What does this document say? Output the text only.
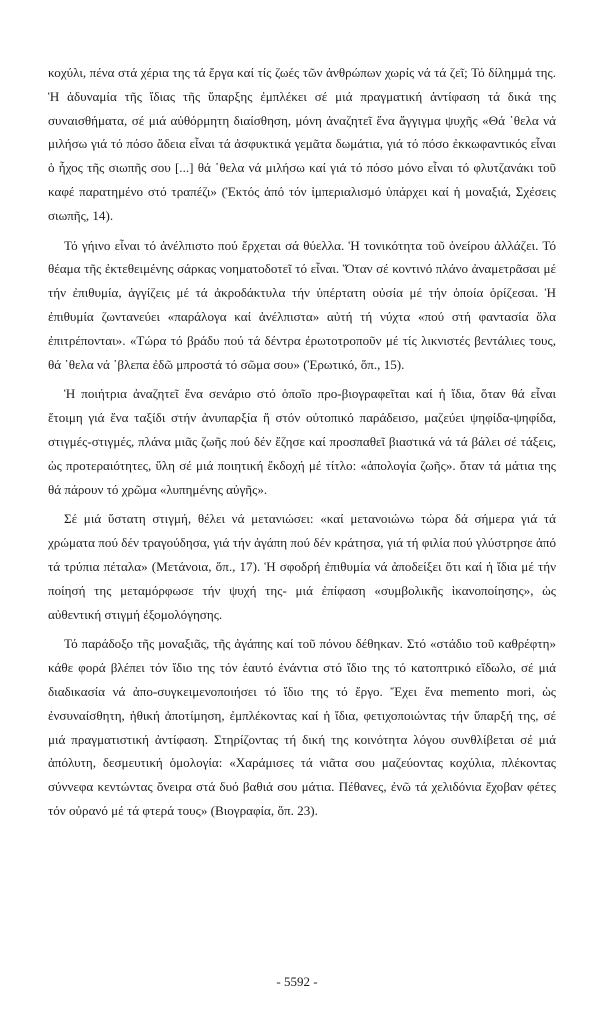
κοχύλι, πένα στά χέρια της τά ἔργα καί τίς ζωές τῶν ἀνθρώπων χωρίς νά τά ζεῖ; Τό δίλημμά της. Ἡ ἀδυναμία τῆς ἴδιας τῆς ὕπαρξης ἐμπλέκει σέ μιά πραγματική ἀντίφαση τά δικά της συναισθήματα, σέ μιά αὐθόρμητη διαίσθηση, μόνη ἀναζητεῖ ἕνα ἄγγιγμα ψυχῆς «Θά ῾θελα νά μιλήσω γιά τό πόσο ἄδεια εἶναι τά ἀσφυκτικά γεμᾶτα δωμάτια, γιά τό πόσο ἐκκωφαντικός εἶναι ὁ ἦχος τῆς σιωπῆς σου [...] θά ῾θελα νά μιλήσω καί γιά τό πόσο μόνο εἶναι τό φλυτζανάκι τοῦ καφέ παρατημένο στό τραπέζι» (Ἐκτός ἀπό τόν ἰμπεριαλισμό ὑπάρχει καί ἡ μοναξιά, Σχέσεις σιωπῆς, 14).

Τό γήινο εἶναι τό ἀνέλπιστο πού ἔρχεται σά θύελλα. Ἡ τονικότητα τοῦ ὀνείρου ἀλλάζει. Τό θέαμα τῆς ἐκτεθειμένης σάρκας νοηματοδοτεῖ τό εἶναι. Ὅταν σέ κοντινό πλάνο ἀναμετρᾶσαι μέ τήν ἐπιθυμία, ἀγγίζεις μέ τά ἀκροδάκτυλα τήν ὑπέρτατη οὐσία μέ τήν ὁποία ὁρίζεσαι. Ἡ ἐπιθυμία ζωντανεύει «παράλογα καί ἀνέλπιστα» αὐτή τή νύχτα «πού στή φαντασία ὅλα ἐπιτρέπονται». «Τώρα τό βράδυ πού τά δέντρα ἐρωτοτροποῦν μέ τίς λικνιστές βεντάλιες τους, θά ῾θελα νά ῾βλεπα ἐδῶ μπροστά τό σῶμα σου» (Ἐρωτικό, ὅπ., 15).

Ἡ ποιήτρια ἀναζητεῖ ἕνα σενάριο στό ὁποῖο προ-βιογραφεῖται καί ἡ ἴδια, ὅταν θά εἶναι ἕτοιμη γιά ἕνα ταξίδι στήν ἀνυπαρξία ἤ στόν οὐτοπικό παράδεισο, μαζεύει ψηφίδα-ψηφίδα, στιγμές-στιγμές, πλάνα μιᾶς ζωῆς πού δέν ἔζησε καί προσπαθεῖ βιαστικά νά τά βάλει σέ τάξεις, ὡς προτεραιότητες, ὕλη σέ μιά ποιητική ἔκδοχή μέ τίτλο: «ἀπολογία ζωῆς». ὅταν τά μάτια της θά πάρουν τό χρῶμα «λυπημένης αὐγῆς».

Σέ μιά ὕστατη στιγμή, θέλει νά μετανιώσει: «καί μετανοιώνω τώρα δά σήμερα γιά τά χρώματα πού δέν τραγούδησα, γιά τήν ἀγάπη πού δέν κράτησα, γιά τή φιλία πού γλύστρησε ἀπό τά τρύπια πέταλα» (Μετάνοια, ὅπ., 17). Ἡ σφοδρή ἐπιθυμία νά ἀποδείξει ὅτι καί ἡ ἴδια μέ τήν ποίησή της μεταμόρφωσε τήν ψυχή της- μιά ἐπίφαση «συμβολικῆς ἱκανοποίησης», ὡς αὐθεντική στιγμή ἐξομολόγησης.

Τό παράδοξο τῆς μοναξιᾶς, τῆς ἀγάπης καί τοῦ πόνου δέθηκαν. Στό «στάδιο τοῦ καθρέφτη» κάθε φορά βλέπει τόν ἴδιο της τόν ἑαυτό ἐνάντια στό ἴδιο της τό κατοπτρικό εἴδωλο, σέ μιά διαδικασία νά ἀπο-συγκειμενοποιήσει τό ἴδιο της τό ἔργο. Ἔχει ἕνα memento mori, ὡς ἐνσυναίσθητη, ἠθική ἀποτίμηση, ἐμπλέκοντας καί ἡ ἴδια, φετιχοποιώντας τήν ὕπαρξή της, σέ μιά πραγματιστική ἀντίφαση. Στηρίζοντας τή δική της κοινότητα λόγου συνθλίβεται σέ μιά ἀπόλυτη, δεσμευτική ὁμολογία: «Χαράμισες τά νιᾶτα σου μαζεύοντας κοχύλια, πλέκοντας σύννεφα κεντώντας ὄνειρα στά δυό βαθιά σου μάτια. Πέθανες, ἐνῶ τά χελιδόνια ἔχοβαν φέτες τόν οὐρανό μέ τά φτερά τους» (Βιογραφία, ὅπ. 23).

- 5592 -
